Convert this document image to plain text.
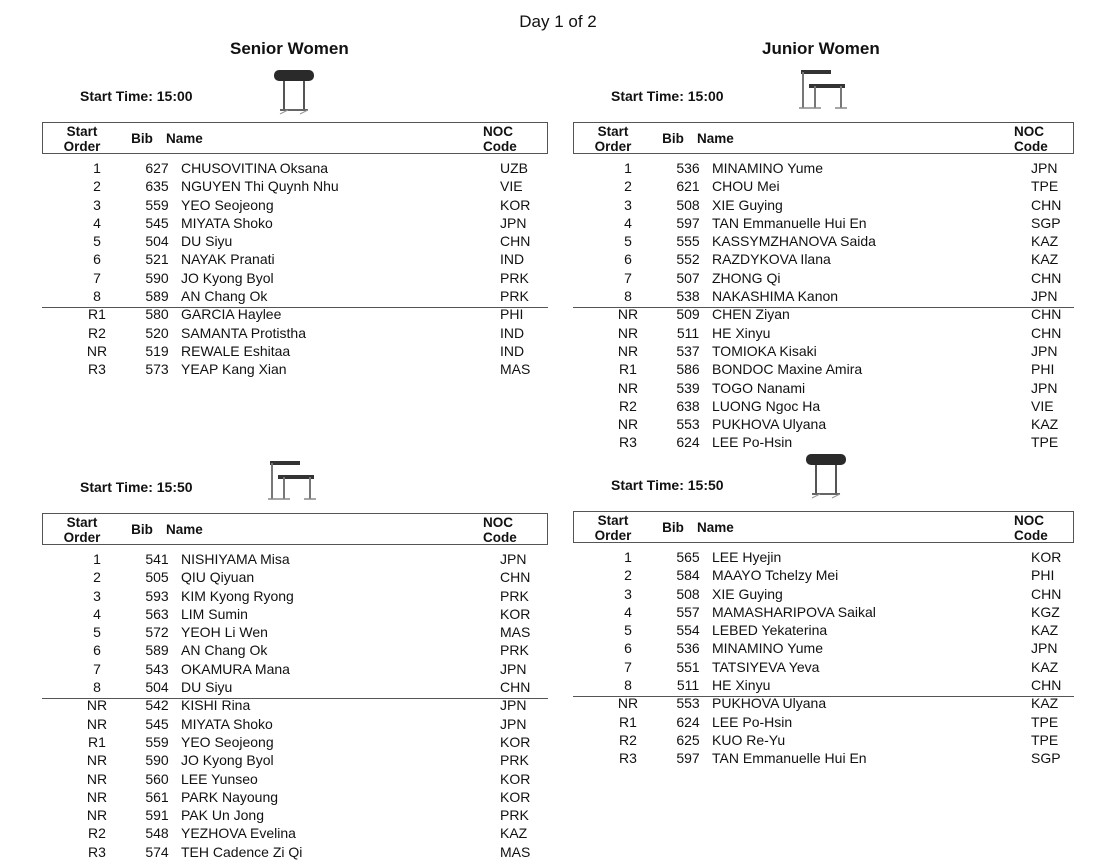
Day 1 of 2
Senior Women	Junior Women
Start Time: 15:00
Start
Order
Bib Name	NOC
Code
1	627 CHUSOVITINA Oksana	UZB
2	635 NGUYEN Thi Quynh Nhu	VIE
3	559 YEO Seojeong	KOR
4	545 MIYATA Shoko	JPN
5	504 DU Siyu	CHN
6	521 NAYAK Pranati	IND
7	590 JO Kyong Byol	PRK
8	589 AN Chang Ok	PRK
R1	580 GARCIA Haylee	PHI
R2	520 SAMANTA Protistha	IND
NR	519 REWALE Eshitaa	IND
R3	573 YEAP Kang Xian	MAS
Start Time: 15:50
Start
Order
Bib Name	NOC
Code
1	541 NISHIYAMA Misa	JPN
2	505 QIU Qiyuan	CHN
3	593 KIM Kyong Ryong	PRK
4	563 LIM Sumin	KOR
5	572 YEOH Li Wen	MAS
6	589 AN Chang Ok	PRK
7	543 OKAMURA Mana	JPN
8	504 DU Siyu	CHN
NR	542 KISHI Rina	JPN
NR	545 MIYATA Shoko	JPN
R1	559 YEO Seojeong	KOR
NR	590 JO Kyong Byol	PRK
NR	560 LEE Yunseo	KOR
NR	561 PARK Nayoung	KOR
NR	591 PAK Un Jong	PRK
R2	548 YEZHOVA Evelina	KAZ
R3	574 TEH Cadence Zi Qi	MAS
Start Time: 15:00
Start
Order
Bib Name	NOC
Code
1	536 MINAMINO Yume	JPN
2	621 CHOU Mei	TPE
3	508 XIE Guying	CHN
4	597 TAN Emmanuelle Hui En	SGP
5	555 KASSYMZHANOVA Saida	KAZ
6	552 RAZDYKOVA Ilana	KAZ
7	507 ZHONG Qi	CHN
8	538 NAKASHIMA Kanon	JPN
NR	509 CHEN Ziyan	CHN
NR	511 HE Xinyu	CHN
NR	537 TOMIOKA Kisaki	JPN
R1	586 BONDOC Maxine Amira	PHI
NR	539 TOGO Nanami	JPN
R2	638 LUONG Ngoc Ha	VIE
NR	553 PUKHOVA Ulyana	KAZ
R3	624 LEE Po-Hsin	TPE
Start Time: 15:50
Start
Order
Bib Name	NOC
Code
1	565 LEE Hyejin	KOR
2	584 MAAYO Tchelzy Mei	PHI
3	508 XIE Guying	CHN
4	557 MAMASHARIPOVA Saikal	KGZ
5	554 LEBED Yekaterina	KAZ
6	536 MINAMINO Yume	JPN
7	551 TATSIYEVA Yeva	KAZ
8	511 HE Xinyu	CHN
NR	553 PUKHOVA Ulyana	KAZ
R1	624 LEE Po-Hsin	TPE
R2	625 KUO Re-Yu	TPE
R3	597 TAN Emmanuelle Hui En	SGP
